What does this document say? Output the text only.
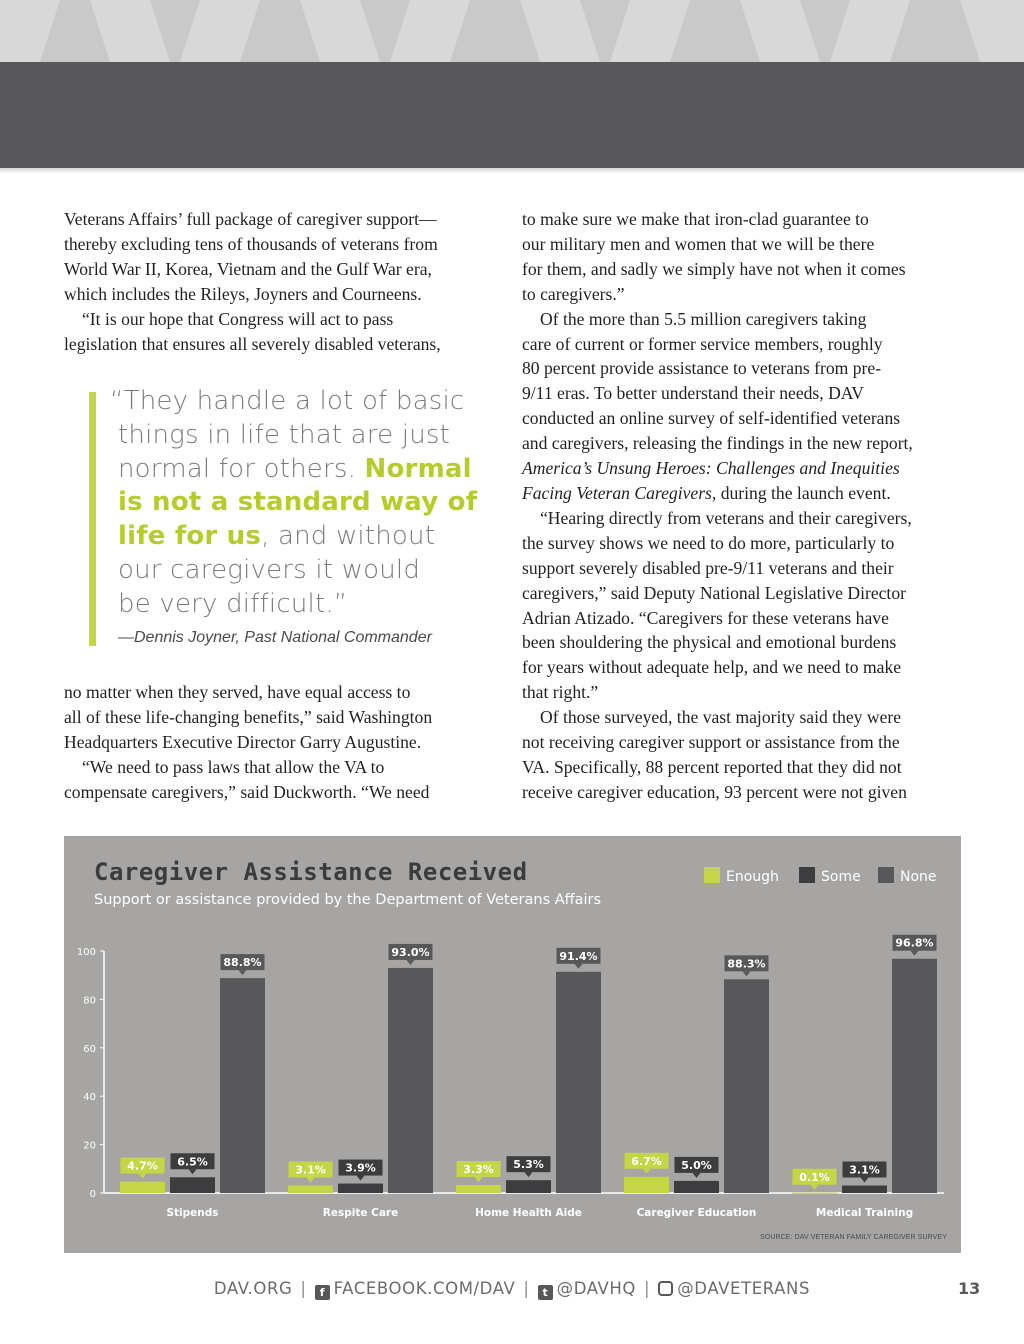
Veterans Affairs’ full package of caregiver support—

thereby excluding tens of thousands of veterans from

World War II, Korea, Vietnam and the Gulf War era,

which includes the Rileys, Joyners and Courneens.

“It is our hope that Congress will act to pass

legislation that ensures all severely disabled veterans,

“They handle a lot of basic

things in life that are just

normal for others. Normal

is not a standard way of

life for us, and without

our caregivers it would

be very difficult.”

—Dennis Joyner, Past National Commander

no matter when they served, have equal access to

all of these life-changing benefits,” said Washington

Headquarters Executive Director Garry Augustine.

“We need to pass laws that allow the VA to

compensate caregivers,” said Duckworth. “We need

to make sure we make that iron-clad guarantee to

our military men and women that we will be there

for them, and sadly we simply have not when it comes

to caregivers.”

Of the more than 5.5 million caregivers taking

care of current or former service members, roughly

80 percent provide assistance to veterans from pre-

9/11 eras. To better understand their needs, DAV

conducted an online survey of self-identified veterans

and caregivers, releasing the findings in the new report,

America’s Unsung Heroes: Challenges and Inequities

Facing Veteran Caregivers, during the launch event.

“Hearing directly from veterans and their caregivers,

the survey shows we need to do more, particularly to

support severely disabled pre-9/11 veterans and their

caregivers,” said Deputy National Legislative Director

Adrian Atizado. “Caregivers for these veterans have

been shouldering the physical and emotional burdens

for years without adequate help, and we need to make

that right.”

Of those surveyed, the vast majority said they were

not receiving caregiver support or assistance from the

VA. Specifically, 88 percent reported that they did not

receive caregiver education, 93 percent were not given

Caregiver Assistance Received
Support or assistance provided by the Department of Veterans Affairs
Enough	Some	None
0
20
40
60
80
100
4.7% 6.5%
88.8%
Stipends
3.1% 3.9%
93.0%
Respite Care
3.3% 5.3%
91.4%
Home Health Aide
6.7% 5.0%
88.3%
Caregiver Education
0.1%
3.1%
96.8%
Medical Training
SOURCE: DAV VETERAN FAMILY CAREGIVER SURVEY
DAV.ORG | f FACEBOOK.COM/DAV | t @DAVHQ | @DAVETERANS	13
